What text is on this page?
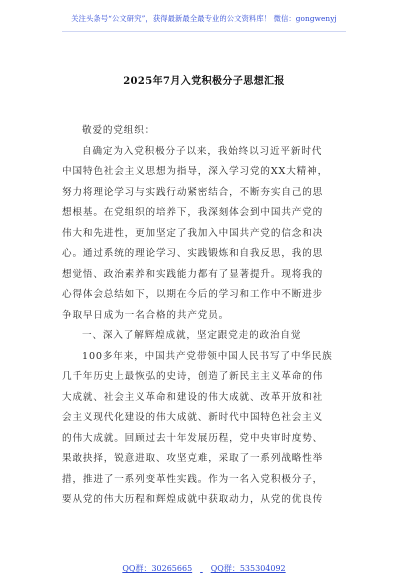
关注头条号“公文研究”，获得最新最全最专业的公文资料库！ 微信：gongwenyj
2025年7月入党积极分子思想汇报
敬爱的党组织：
自确定为入党积极分子以来，我始终以习近平新时代
中国特色社会主义思想为指导，深入学习党的XX大精神，
努力将理论学习与实践行动紧密结合，不断夯实自己的思
想根基。在党组织的培养下，我深刻体会到中国共产党的
伟大和先进性，更加坚定了我加入中国共产党的信念和决
心。通过系统的理论学习、实践锻炼和自我反思，我的思
想觉悟、政治素养和实践能力都有了显著提升。现将我的
心得体会总结如下，以期在今后的学习和工作中不断进步
争取早日成为一名合格的共产党员。
一、深入了解辉煌成就，坚定跟党走的政治自觉
100多年来，中国共产党带领中国人民书写了中华民族
几千年历史上最恢弘的史诗，创造了新民主主义革命的伟
大成就、社会主义革命和建设的伟大成就、改革开放和社
会主义现代化建设的伟大成就、新时代中国特色社会主义
的伟大成就。回顾过去十年发展历程，党中央审时度势、
果敢抉择，锐意进取、攻坚克难，采取了一系列战略性举
措，推进了一系列变革性实践。作为一名入党积极分子，
要从党的伟大历程和辉煌成就中获取动力，从党的优良传
QQ群：30265665 QQ群：535304092
